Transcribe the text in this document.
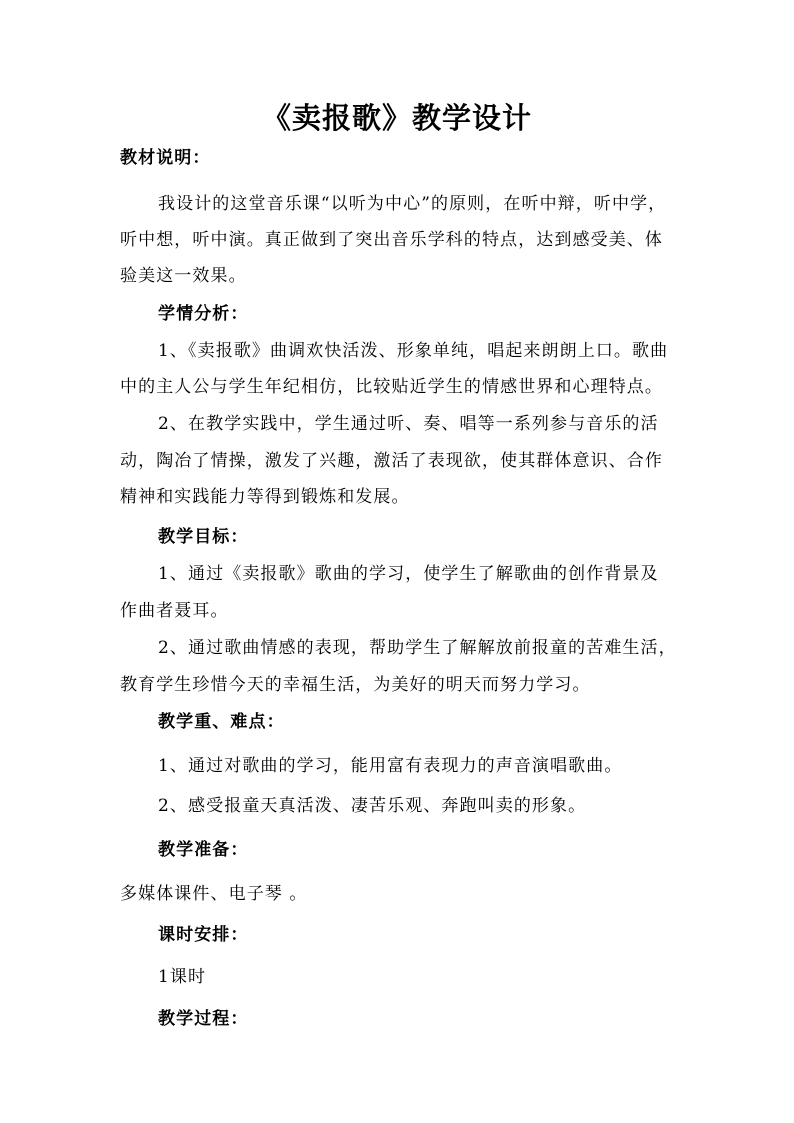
《卖报歌》教学设计
教材说明：
我设计的这堂音乐课“以听为中心”的原则，在听中辩，听中学，
听中想，听中演。真正做到了突出音乐学科的特点，达到感受美、体
验美这一效果。
学情分析：
1、《卖报歌》曲调欢快活泼、形象单纯，唱起来朗朗上口。歌曲
中的主人公与学生年纪相仿，比较贴近学生的情感世界和心理特点。
2、在教学实践中，学生通过听、奏、唱等一系列参与音乐的活
动，陶冶了情操，激发了兴趣，激活了表现欲，使其群体意识、合作
精神和实践能力等得到锻炼和发展。
教学目标：
1、通过《卖报歌》歌曲的学习，使学生了解歌曲的创作背景及
作曲者聂耳。
2、通过歌曲情感的表现，帮助学生了解解放前报童的苦难生活，
教育学生珍惜今天的幸福生活，为美好的明天而努力学习。
教学重、难点：
1、通过对歌曲的学习，能用富有表现力的声音演唱歌曲。
2、感受报童天真活泼、凄苦乐观、奔跑叫卖的形象。
教学准备：
多媒体课件、电子琴 。
课时安排：
1课时
教学过程：
